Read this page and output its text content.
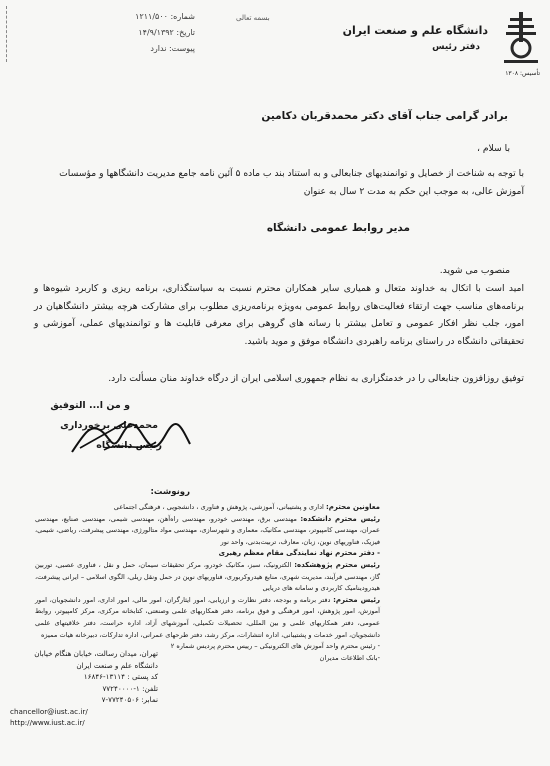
دانشگاه علم و صنعت ایران
دفتر رئیس
تأسیس: ۱۳۰۸
بسمه تعالی
شماره: ۱۲۱۱/۵۰۰
تاریخ: ۱۴/۹/۱۳۹۲
پیوست: ندارد
برادر گرامی جناب آقای دکتر محمدقربان دکامین
با سلام ،
با توجه به شناخت از خصایل و توانمندیهای جنابعالی و به استناد بند ب ماده ۵ آئین نامه جامع مدیریت دانشگاهها و مؤسسات آموزش عالی، به موجب این حکم به مدت ۲ سال به عنوان
مدیر روابط عمومی دانشگاه
منصوب می شوید.
امید است با اتکال به خداوند متعال و همیاری سایر همکاران محترم نسبت به سیاستگذاری، برنامه ریزی و کاربرد شیوه‌ها و برنامه‌های مناسب جهت ارتقاء فعالیت‌های روابط عمومی به‌ویژه برنامه‌ریزی مطلوب برای مشارکت هرچه بیشتر دانشگاهیان در امور، جلب نظر افکار عمومی و تعامل بیشتر با رسانه های گروهی برای معرفی قابلیت ها و توانمندیهای عملی، آموزشی و تحقیقاتی دانشگاه در راستای برنامه راهبردی دانشگاه موفق و موید باشید.
توفیق روزافزون جنابعالی را در خدمتگزاری به نظام جمهوری اسلامی ایران از درگاه خداوند منان مسألت دارد.
و من ا... التوفیق
محمدعلی برخورداری
رئیس دانشگاه
رونوشت:

معاونین محترم: اداری و پشتیبانی، آموزشی، پژوهش و فناوری ، دانشجویی ، فرهنگی اجتماعی

رئیس محترم دانشکده: مهندسی برق، مهندسی خودرو، مهندسی راه‌آهن، مهندسی شیمی، مهندسی صنایع، مهندسی عمران، مهندسی کامپیوتر، مهندسی مکانیک، معماری و شهرسازی، مهندسی مواد متالورژی، مهندسی پیشرفت، ریاضی، شیمی، فیزیک، فناوریهای نوین، زبان، معارف، تربیت‌بدنی، واحد نور

- دفتر محترم نهاد نمایندگی مقام معظم رهبری

رئیس محترم پژوهشکده: الکترونیک، سبز، مکانیک خودرو، مرکز تحقیقات سیمان، حمل و نقل ، فناوری عصبی، توربین گاز، مهندسی فرآیند، مدیریت شهری، منابع هیدروکربوری، فناوریهای نوین در حمل ونقل ریلی، الگوی اسلامی – ایرانی پیشرفت، هیدرودینامیک کاربردی و سامانه های دریایی

رئیس محترم: دفتر برنامه و بودجه، دفتر نظارت و ارزیابی، امور ایثارگران، امور مالی، امور اداری، امور دانشجویان، امور آموزش، امور پژوهش، امور فرهنگی و فوق برنامه، دفتر همکاریهای علمی وصنعتی، کتابخانه مرکزی، مرکز کامپیوتر، روابط عمومی، دفتر همکاریهای علمی و بین المللی، تحصیلات تکمیلی، آموزشهای آزاد، اداره حراست، دفتر خلاقیتهای علمی دانشجویان، امور خدمات و پشتیبانی، اداره انتشارات، مرکز رشد، دفتر طرحهای عمرانی، اداره تدارکات، دبیرخانه هیات ممیزه

- رئیس محترم واحد آموزش های الکترونیکی – رییس محترم پردیس شماره ۲

-بانک اطلاعات مدیران

تهران، میدان رسالت، خیابان هنگام خیابان دانشگاه علم و صنعت ایران
کد پستی : ۱۳۱۱۴-۱۶۸۴۶
تلفن: ۱-۷۷۲۴۰۰۰۰
نمابر: ۷۷۲۴۰۵۰۶-۷
chancellor@iust.ac.ir/
http://www.iust.ac.ir/
